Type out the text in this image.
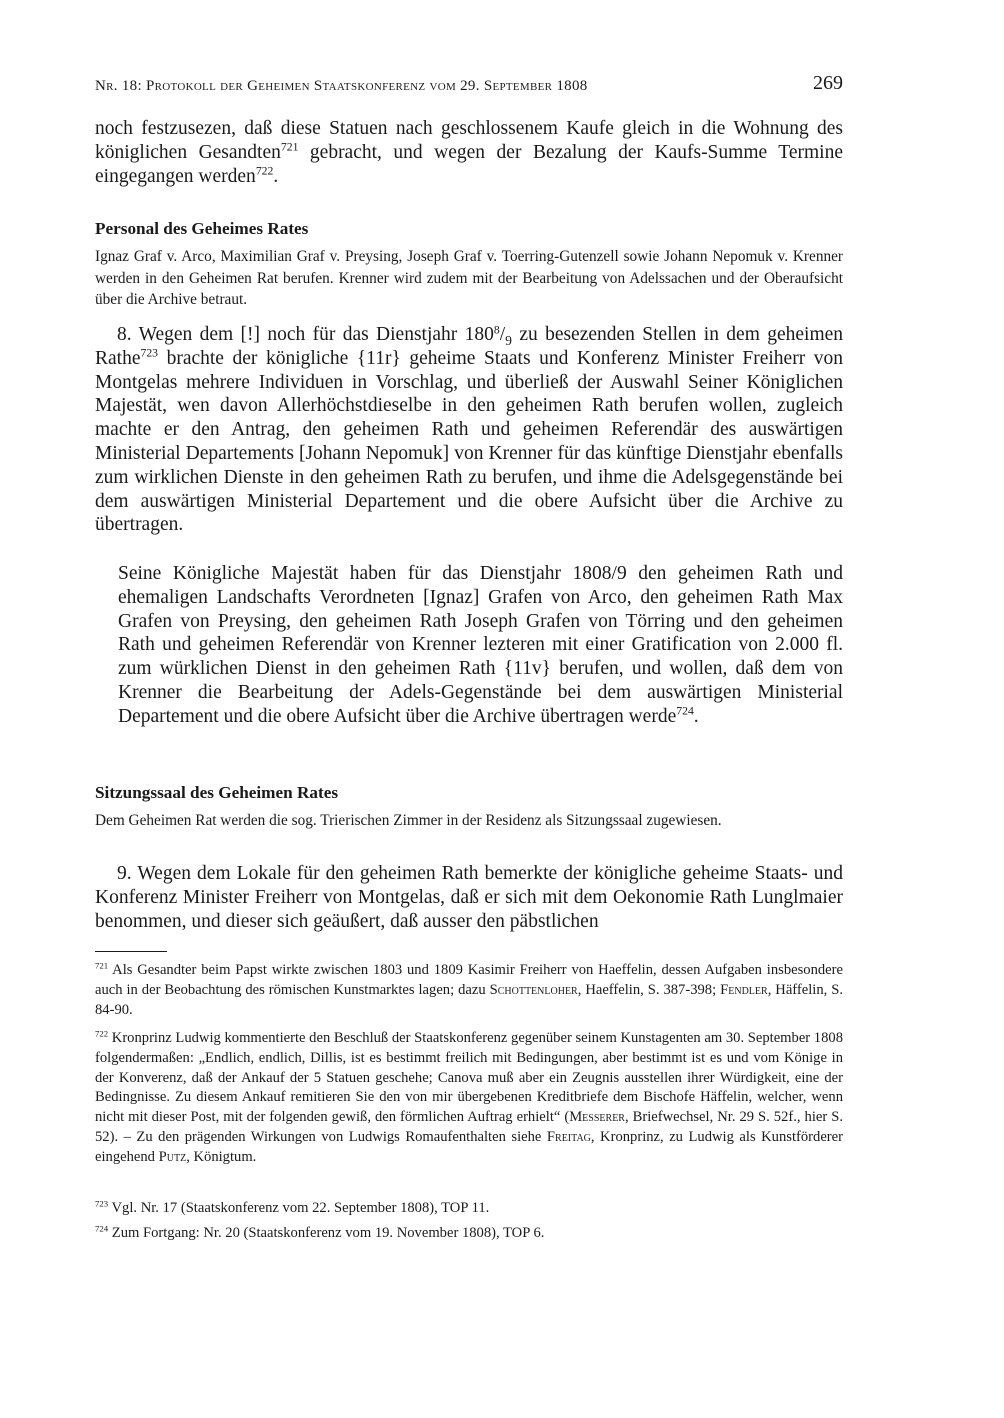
Nr. 18: Protokoll der Geheimen Staatskonferenz vom 29. September 1808	269

noch festzusezen, daß diese Statuen nach geschlossenem Kaufe gleich in die Wohnung des königlichen Gesandten$^{721}$ gebracht, und wegen der Bezalung der Kaufs-Summe Termine eingegangen werden$^{722}$.

Personal des Geheimes Rates

Ignaz Graf v. Arco, Maximilian Graf v. Preysing, Joseph Graf v. Toerring-Gutenzell sowie Johann Nepomuk v. Krenner werden in den Geheimen Rat berufen. Krenner wird zudem mit der Bearbeitung von Adelssachen und der Oberaufsicht über die Archive betraut.

8. Wegen dem [!] noch für das Dienstjahr $180^8/_9$ zu besezenden Stellen in dem geheimen Rathe$^{723}$ brachte der königliche {11r} geheime Staats und Konferenz Minister Freiherr von Montgelas mehrere Individuen in Vorschlag, und überließ der Auswahl Seiner Königlichen Majestät, wen davon Allerhöchstdieselbe in den geheimen Rath berufen wollen, zugleich machte er den Antrag, den geheimen Rath und geheimen Referendär des auswärtigen Ministerial Departements [Johann Nepomuk] von Krenner für das künftige Dienstjahr ebenfalls zum wirklichen Dienste in den geheimen Rath zu berufen, und ihme die Adelsgegenstände bei dem auswärtigen Ministerial Departement und die obere Aufsicht über die Archive zu übertragen.

Seine Königliche Majestät haben für das Dienstjahr 1808/9 den geheimen Rath und ehemaligen Landschafts Verordneten [Ignaz] Grafen von Arco, den geheimen Rath Max Grafen von Preysing, den geheimen Rath Joseph Grafen von Törring und den geheimen Rath und geheimen Referendär von Krenner lezteren mit einer Gratification von 2.000 fl. zum würklichen Dienst in den geheimen Rath {11v} berufen, und wollen, daß dem von Krenner die Bearbeitung der Adels-Gegenstände bei dem auswärtigen Ministerial Departement und die obere Aufsicht über die Archive übertragen werde$^{724}$.

Sitzungssaal des Geheimen Rates

Dem Geheimen Rat werden die sog. Trierischen Zimmer in der Residenz als Sitzungssaal zugewiesen.

9. Wegen dem Lokale für den geheimen Rath bemerkte der königliche geheime Staats- und Konferenz Minister Freiherr von Montgelas, daß er sich mit dem Oekonomie Rath Lunglmaier benommen, und dieser sich geäußert, daß ausser den päbstlichen

$^{721}$ Als Gesandter beim Papst wirkte zwischen 1803 und 1809 Kasimir Freiherr von Haeffelin, dessen Aufgaben insbesondere auch in der Beobachtung des römischen Kunstmarktes lagen; dazu Schottenloher, Haeffelin, S. 387-398; Fendler, Häffelin, S. 84-90.

$^{722}$ Kronprinz Ludwig kommentierte den Beschluß der Staatskonferenz gegenüber seinem Kunstagenten am 30. September 1808 folgendermaßen: „Endlich, endlich, Dillis, ist es bestimmt freilich mit Bedingungen, aber bestimmt ist es und vom Könige in der Konverenz, daß der Ankauf der 5 Statuen geschehe; Canova muß aber ein Zeugnis ausstellen ihrer Würdigkeit, eine der Bedingnisse. Zu diesem Ankauf remitieren Sie den von mir übergebenen Kreditbriefe dem Bischofe Häffelin, welcher, wenn nicht mit dieser Post, mit der folgenden gewiß, den förmlichen Auftrag erhielt“ (Messerer, Briefwechsel, Nr. 29 S. 52f., hier S. 52). – Zu den prägenden Wirkungen von Ludwigs Romaufenthalten siehe Freitag, Kronprinz, zu Ludwig als Kunstförderer eingehend Putz, Königtum.

$^{723}$ Vgl. Nr. 17 (Staatskonferenz vom 22. September 1808), TOP 11.

$^{724}$ Zum Fortgang: Nr. 20 (Staatskonferenz vom 19. November 1808), TOP 6.
